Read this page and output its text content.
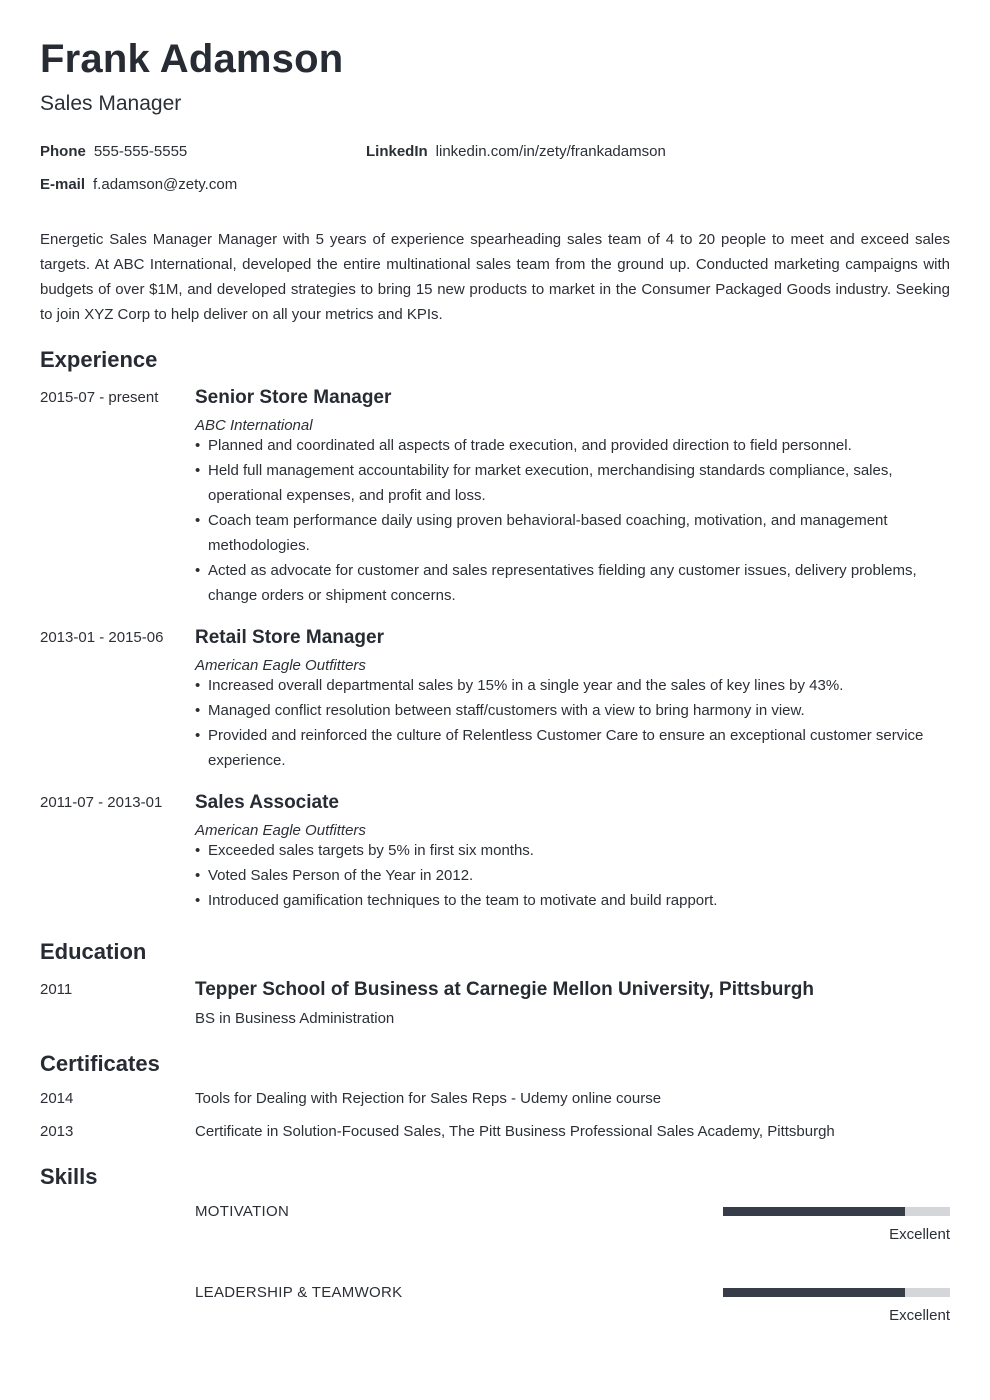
Frank Adamson
Sales Manager
Phone 555-555-5555	LinkedIn linkedin.com/in/zety/frankadamson
E-mail f.adamson@zety.com
Energetic Sales Manager Manager with 5 years of experience spearheading sales team of 4 to 20 people to meet and exceed sales targets. At ABC International, developed the entire multinational sales team from the ground up. Conducted marketing campaigns with budgets of over $1M, and developed strategies to bring 15 new products to market in the Consumer Packaged Goods industry. Seeking to join XYZ Corp to help deliver on all your metrics and KPIs.
Experience
2015-07 - present Senior Store Manager
ABC International
• Planned and coordinated all aspects of trade execution, and provided direction to field personnel.
• Held full management accountability for market execution, merchandising standards compliance, sales, operational expenses, and profit and loss.
• Coach team performance daily using proven behavioral-based coaching, motivation, and management methodologies.
• Acted as advocate for customer and sales representatives fielding any customer issues, delivery problems, change orders or shipment concerns.
2013-01 - 2015-06 Retail Store Manager
American Eagle Outfitters
• Increased overall departmental sales by 15% in a single year and the sales of key lines by 43%.
• Managed conflict resolution between staff/customers with a view to bring harmony in view.
• Provided and reinforced the culture of Relentless Customer Care to ensure an exceptional customer service experience.
2011-07 - 2013-01 Sales Associate
American Eagle Outfitters
• Exceeded sales targets by 5% in first six months.
• Voted Sales Person of the Year in 2012.
• Introduced gamification techniques to the team to motivate and build rapport.
Education
2011	Tepper School of Business at Carnegie Mellon University, Pittsburgh
BS in Business Administration
Certificates
2014	Tools for Dealing with Rejection for Sales Reps - Udemy online course
2013	Certificate in Solution-Focused Sales, The Pitt Business Professional Sales Academy, Pittsburgh
Skills
MOTIVATION
Excellent
LEADERSHIP & TEAMWORK
Excellent
